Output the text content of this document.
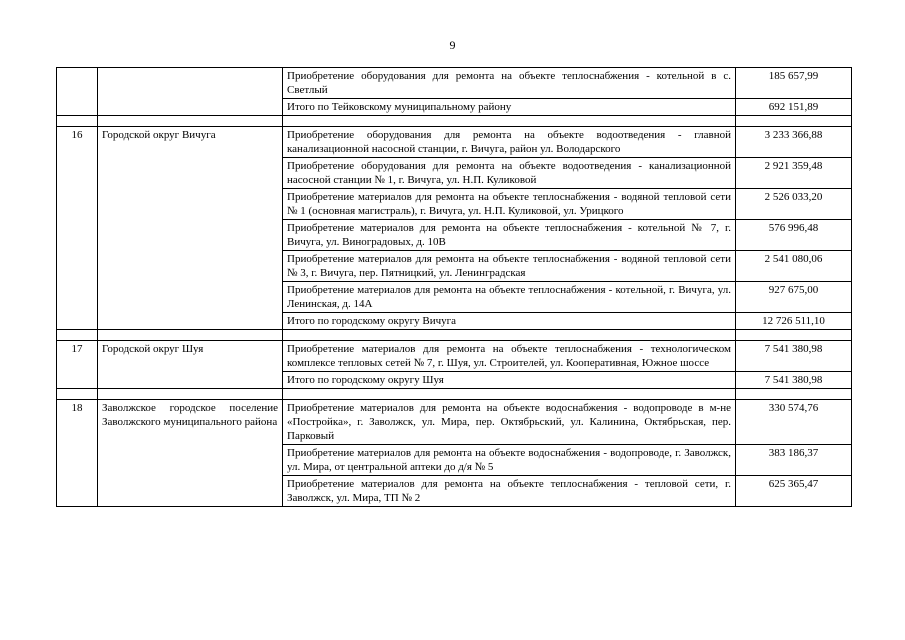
9
		Приобретение оборудования для ремонта на объекте теплоснабжения - котельной в с. Светлый	185 657,99
		Итого по Тейковскому муниципальному району	692 151,89

16	Городской округ Вичуга	Приобретение оборудования для ремонта на объекте водоотведения - главной канализационной насосной станции, г. Вичуга, район ул. Володарского	3 233 366,88
		Приобретение оборудования для ремонта на объекте водоотведения - канализационной насосной станции № 1, г. Вичуга, ул. Н.П. Куликовой	2 921 359,48
		Приобретение материалов для ремонта на объекте теплоснабжения - водяной тепловой сети № 1 (основная магистраль), г. Вичуга, ул. Н.П. Куликовой, ул. Урицкого	2 526 033,20
		Приобретение материалов для ремонта на объекте теплоснабжения - котельной № 7, г. Вичуга, ул. Виноградовых, д. 10В	576 996,48
		Приобретение материалов для ремонта на объекте теплоснабжения - водяной тепловой сети № 3, г. Вичуга, пер. Пятницкий, ул. Ленинградская	2 541 080,06
		Приобретение материалов для ремонта на объекте теплоснабжения - котельной, г. Вичуга, ул. Ленинская, д. 14А	927 675,00
		Итого по городскому округу Вичуга	12 726 511,10

17	Городской округ Шуя	Приобретение материалов для ремонта на объекте теплоснабжения - технологическом комплексе тепловых сетей № 7, г. Шуя, ул. Строителей, ул. Кооперативная, Южное шоссе	7 541 380,98
		Итого по городскому округу Шуя	7 541 380,98

18	Заволжское городское поселение Заволжского муниципального района	Приобретение материалов для ремонта на объекте водоснабжения - водопроводе в м-не «Постройка», г. Заволжск, ул. Мира, пер. Октябрьский, ул. Калинина, Октябрьская, пер. Парковый	330 574,76
		Приобретение материалов для ремонта на объекте водоснабжения - водопроводе, г. Заволжск, ул. Мира, от центральной аптеки до д/я № 5	383 186,37
		Приобретение материалов для ремонта на объекте теплоснабжения - тепловой сети, г. Заволжск, ул. Мира, ТП № 2	625 365,47
